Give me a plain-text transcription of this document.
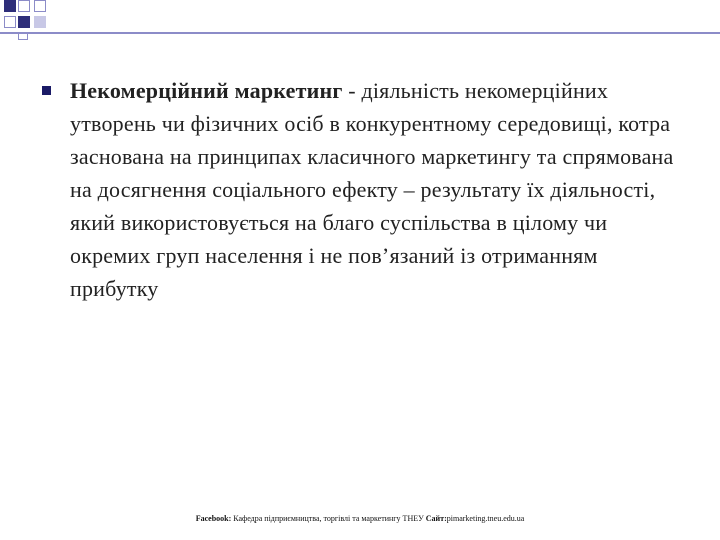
Некомерційний маркетинг - діяльність некомерційних утворень чи фізичних осіб в конкурентному середовищі, котра заснована на принципах класичного маркетингу та спрямована на досягнення соціального ефекту – результату їх діяльності, який використовується на благо суспільства в цілому чи окремих груп населення і не пов’язаний із отриманням прибутку
Facebook: Кафедра підприємництва, торгівлі та маркетингу ТНЕУ Сайт:pimarketing.tneu.edu.ua
